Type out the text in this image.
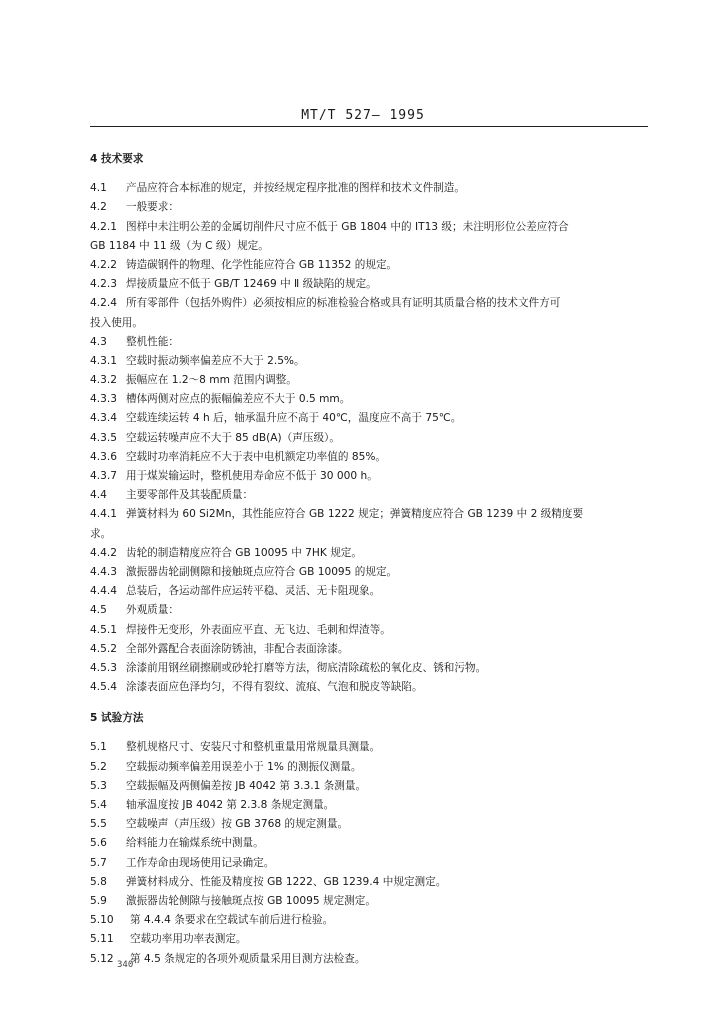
MT/T 527— 1995
4 技术要求
4.1 产品应符合本标准的规定，并按经规定程序批准的图样和技术文件制造。
4.2 一般要求：
4.2.1 图样中未注明公差的金属切削件尺寸应不低于 GB 1804 中的 IT13 级；未注明形位公差应符合
GB 1184 中 11 级（为 C 级）规定。
4.2.2 铸造碳钢件的物理、化学性能应符合 GB 11352 的规定。
4.2.3 焊接质量应不低于 GB/T 12469 中 Ⅱ 级缺陷的规定。
4.2.4 所有零部件（包括外购件）必须按相应的标准检验合格或具有证明其质量合格的技术文件方可
投入使用。
4.3 整机性能：
4.3.1 空载时振动频率偏差应不大于 2.5%。
4.3.2 振幅应在 1.2～8 mm 范围内调整。
4.3.3 槽体两侧对应点的振幅偏差应不大于 0.5 mm。
4.3.4 空载连续运转 4 h 后，轴承温升应不高于 40℃，温度应不高于 75℃。
4.3.5 空载运转噪声应不大于 85 dB(A)（声压级）。
4.3.6 空载时功率消耗应不大于表中电机额定功率值的 85%。
4.3.7 用于煤炭输运时，整机使用寿命应不低于 30 000 h。
4.4 主要零部件及其装配质量：
4.4.1 弹簧材料为 60 Si2Mn，其性能应符合 GB 1222 规定；弹簧精度应符合 GB 1239 中 2 级精度要
求。
4.4.2 齿轮的制造精度应符合 GB 10095 中 7HK 规定。
4.4.3 激振器齿轮副侧隙和接触斑点应符合 GB 10095 的规定。
4.4.4 总装后，各运动部件应运转平稳、灵活、无卡阻现象。
4.5 外观质量：
4.5.1 焊接件无变形，外表面应平直、无飞边、毛刺和焊渣等。
4.5.2 全部外露配合表面涂防锈油，非配合表面涂漆。
4.5.3 涂漆前用钢丝刷擦刷或砂轮打磨等方法，彻底清除疏松的氧化皮、锈和污物。
4.5.4 涂漆表面应色泽均匀，不得有裂纹、流痕、气泡和脱皮等缺陷。
5 试验方法
5.1 整机规格尺寸、安装尺寸和整机重量用常规量具测量。
5.2 空载振动频率偏差用误差小于 1% 的测振仪测量。
5.3 空载振幅及两侧偏差按 JB 4042 第 3.3.1 条测量。
5.4 轴承温度按 JB 4042 第 2.3.8 条规定测量。
5.5 空载噪声（声压级）按 GB 3768 的规定测量。
5.6 给料能力在输煤系统中测量。
5.7 工作寿命由现场使用记录确定。
5.8 弹簧材料成分、性能及精度按 GB 1222、GB 1239.4 中规定测定。
5.9 激振器齿轮侧隙与接触斑点按 GB 10095 规定测定。
5.10 第 4.4.4 条要求在空载试车前后进行检验。
5.11 空载功率用功率表测定。
5.12 第 4.5 条规定的各项外观质量采用目测方法检查。
340
